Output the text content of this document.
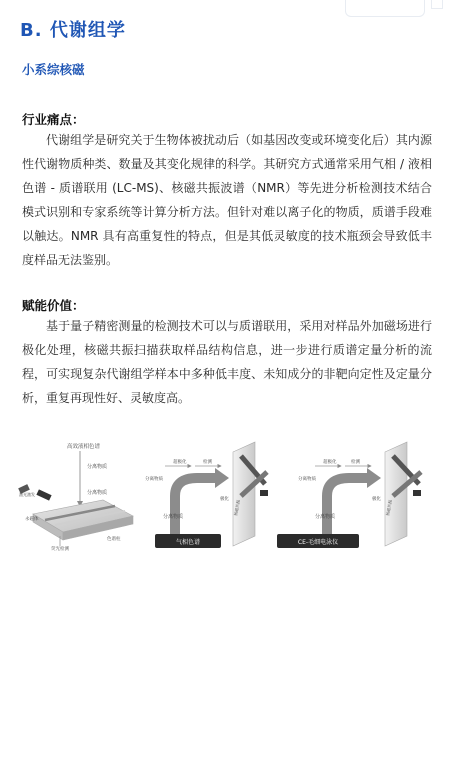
B. 代谢组学
小系综核磁
行业痛点：

代谢组学是研究关于生物体被扰动后（如基因改变或环境变化后）其内源性代谢物质种类、数量及其变化规律的科学。其研究方式通常采用气相 / 液相色谱 - 质谱联用 (LC-MS)、核磁共振波谱（NMR）等先进分析检测技术结合模式识别和专家系统等计算分析方法。但针对难以离子化的物质，质谱手段难以触达。NMR 具有高重复性的特点，但是其低灵敏度的技术瓶颈会导致低丰度样品无法鉴别。

赋能价值：

基于量子精密测量的检测技术可以与质谱联用，采用对样品外加磁场进行极化处理，核磁共振扫描获取样品结构信息，进一步进行质谱定量分析的流程，可实现复杂代谢组学样本中多种低丰度、未知成分的非靶向定性及定量分析，重复再现性好、灵敏度高。

高效液相色谱
分离物质
分离物质
永磁体
色谱柱
荧光检测
激光激发
分离物质
超极化	检测
分离物质
极化
核磁共振
气相色谱
分离物质
超极化	检测
分离物质
极化
核磁共振
CE-毛细电泳仪
